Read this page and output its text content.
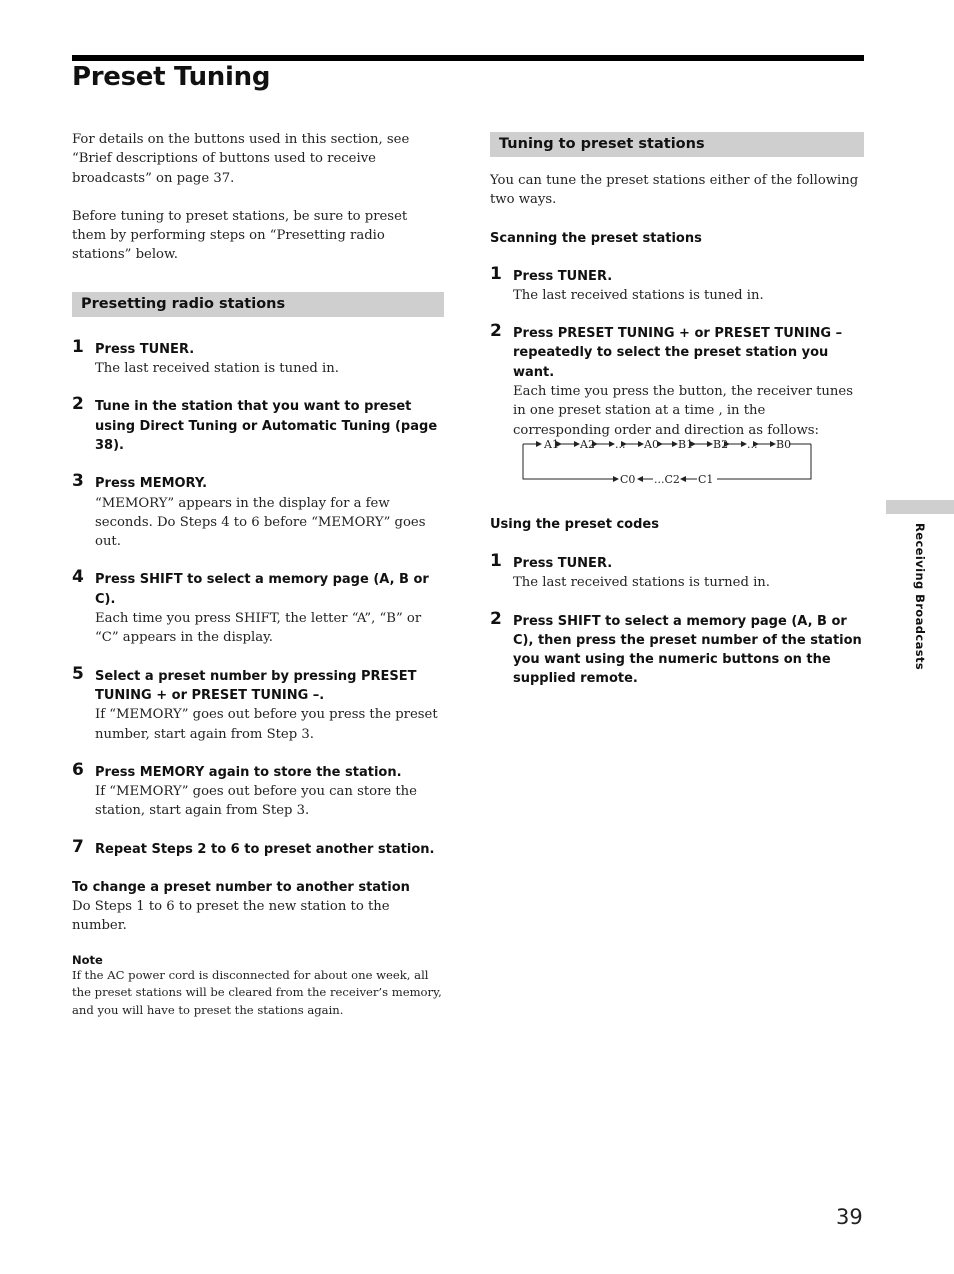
Preset Tuning

For details on the buttons used in this section, see “Brief descriptions of buttons used to receive broadcasts” on page 37.

Before tuning to preset stations, be sure to preset them by performing steps on “Presetting radio stations” below.

Presetting radio stations
1 Press TUNER.

The last received station is tuned in.

2 Tune in the station that you want to preset using Direct Tuning or Automatic Tuning (page 38).

3 Press MEMORY.

“MEMORY” appears in the display for a few seconds. Do Steps 4 to 6 before “MEMORY” goes out.

4 Press SHIFT to select a memory page (A, B or C).

Each time you press SHIFT, the letter “A”, “B” or “C” appears in the display.

5 Select a preset number by pressing PRESET TUNING + or PRESET TUNING –.

If “MEMORY” goes out before you press the preset number, start again from Step 3.

6 Press MEMORY again to store the station.

If “MEMORY” goes out before you can store the station, start again from Step 3.

7 Repeat Steps 2 to 6 to preset another station.

To change a preset number to another station

Do Steps 1 to 6 to preset the new station to the number.

Note

If the AC power cord is disconnected for about one week, all the preset stations will be cleared from the receiver’s memory, and you will have to preset the stations again.

Tuning to preset stations

You can tune the preset stations either of the following two ways.

Scanning the preset stations

1 Press TUNER.

The last received stations is tuned in.

2 Press PRESET TUNING + or PRESET TUNING – repeatedly to select the preset station you want.

Each time you press the button, the receiver tunes in one preset station at a time , in the corresponding order and direction as follows:

Using the preset codes

1 Press TUNER.

The last received stations is turned in.

2 Press SHIFT to select a memory page (A, B or C), then press the preset number of the station you want using the numeric buttons on the supplied remote.

A1 A2 ... A0 B1 B2 ... B0
C0 ...C2 C1
Receiving Broadcasts
39
